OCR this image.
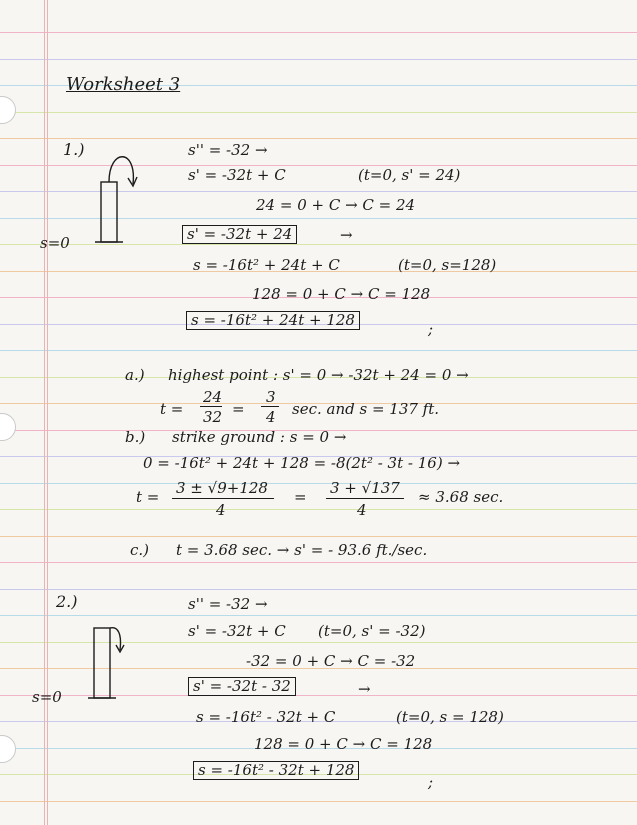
Worksheet 3
1.)
s=0
s'' = -32 →
s' = -32t + C	(t=0, s' = 24)
24 = 0 + C → C = 24
s' = -32t + 24	→
s = -16t² + 24t + C	(t=0, s=128)
128 = 0 + C → C = 128
s = -16t² + 24t + 128	;
a.) highest point : s' = 0 → -32t + 24 = 0 →
t =
24
32 =
3
4 sec. and s = 137 ft.
b.) strike ground : s = 0 →
0 = -16t² + 24t + 128 = -8(2t² - 3t - 16) →
t = 3 ± √9+128
4
= 3 + √137
4
≈ 3.68 sec.
c.) t = 3.68 sec. → s' = - 93.6 ft./sec.
2.)
s=0
s'' = -32 →
s' = -32t + C (t=0, s' = -32)
-32 = 0 + C → C = -32
s' = -32t - 32	→
s = -16t² - 32t + C	(t=0, s = 128)
128 = 0 + C → C = 128
s = -16t² - 32t + 128
;
